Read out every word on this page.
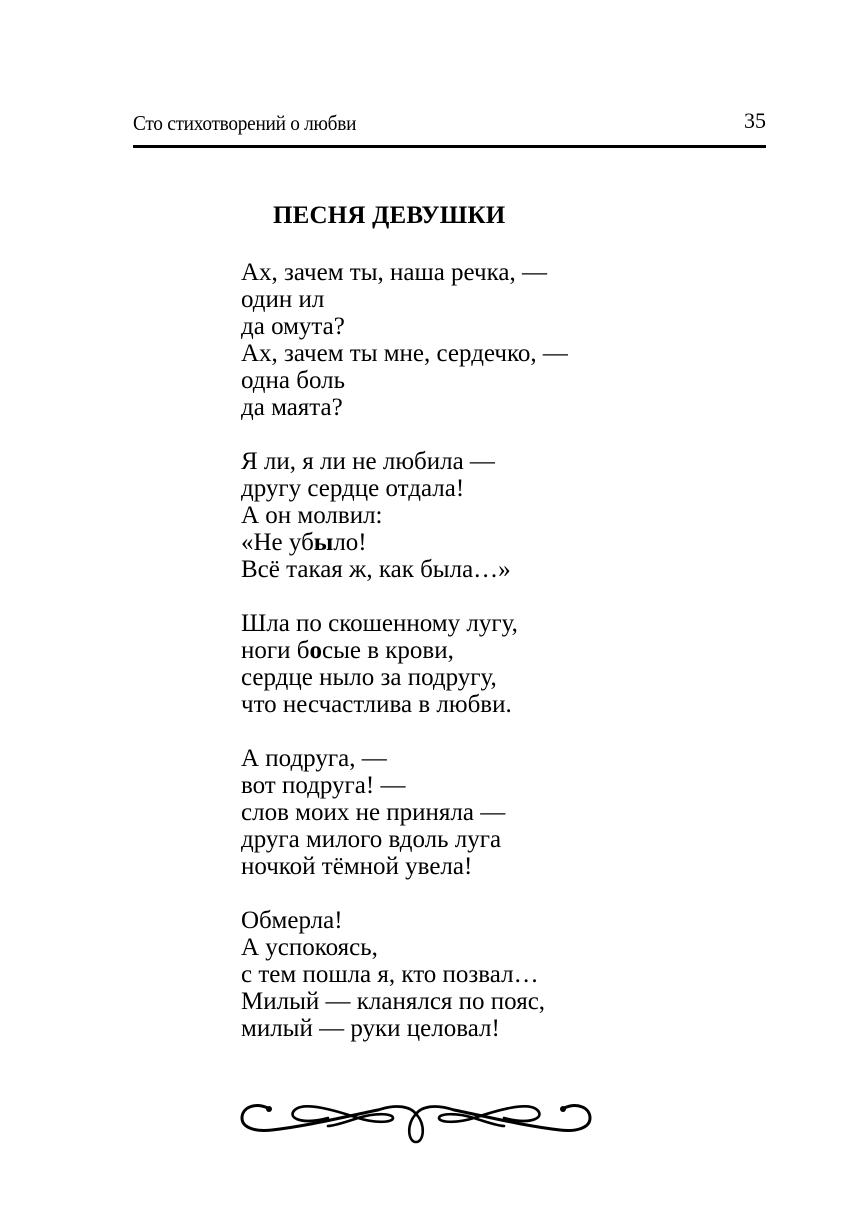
Сто стихотворений о любви	35
ПЕСНЯ ДЕВУШКИ
Ах, зачем ты, наша речка, —
один ил
да омута?
Ах, зачем ты мне, сердечко, —
одна боль
да маята?
Я ли, я ли не любила —
другу сердце отдала!
А он молвил:
«Не убыло!
Всё такая ж, как была…»
Шла по скошенному лугу,
ноги босые в крови,
сердце ныло за подругу,
что несчастлива в любви.
А подруга, —
вот подруга! —
слов моих не приняла —
друга милого вдоль луга
ночкой тёмной увела!
Обмерла!
А успокоясь,
с тем пошла я, кто позвал…
Милый — кланялся по пояс,
милый — руки целовал!
